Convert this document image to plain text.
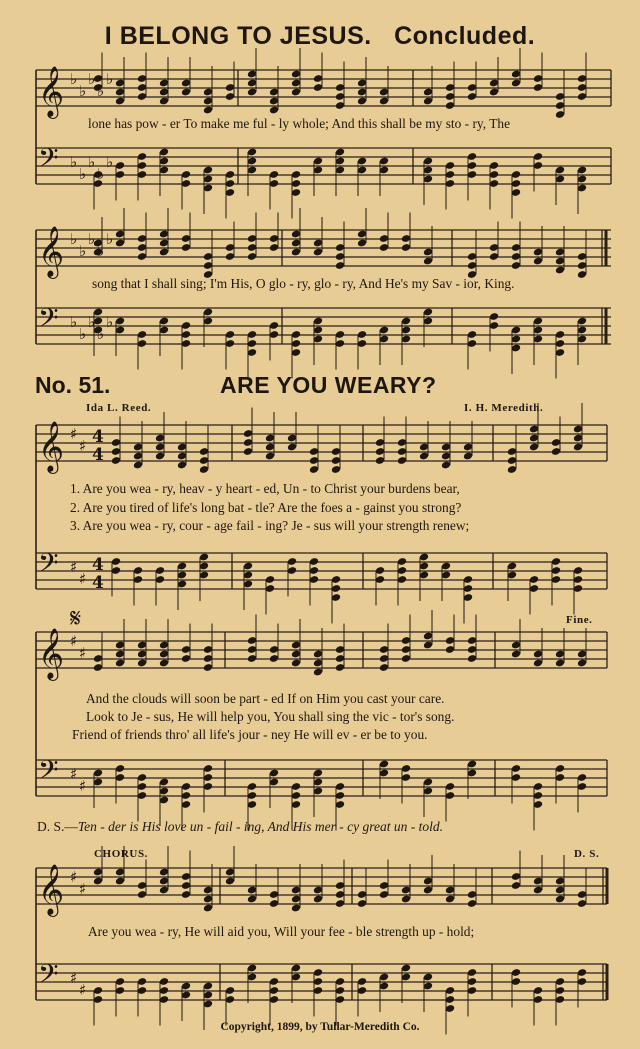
𝄞 ♭
♭
♭
♭
♭
𝄢 ♭
♭
♭
♭
♭
𝄞 ♭
♭
♭
♭
♭
𝄢 ♭
♭
♭
♭
♭
𝄞 ♯
♯ 4
4
𝄢 ♯
♯
4
4
𝄞 ♯
♯
𝄢 ♯
♯
𝄞 ♯
♯
𝄢 ♯
♯
I BELONG TO JESUS. Concluded.
lone has pow - er To make me ful - ly whole; And this shall be my sto - ry, The
song that I shall sing; I'm His, O glo - ry, glo - ry, And He's my Sav - ior, King.
No. 51.	ARE YOU WEARY?
Ida L. Reed.	I. H. Meredith.
1. Are you wea - ry, heav - y heart - ed, Un - to Christ your burdens bear,
2. Are you tired of life's long bat - tle? Are the foes a - gainst you strong?
3. Are you wea - ry, cour - age fail - ing? Je - sus will your strength renew;
And the clouds will soon be part - ed If on Him you cast your care.
Look to Je - sus, He will help you, You shall sing the vic - tor's song.
Friend of friends thro' all life's jour - ney He will ev - er be to you.
Fine.
𝄋
D. S.—Ten - der is His love un - fail - ing, And His mer - cy great un - told.
CHORUS.	D. S.
Are you wea - ry, He will aid you, Will your fee - ble strength up - hold;
Copyright, 1899, by Tullar-Meredith Co.
